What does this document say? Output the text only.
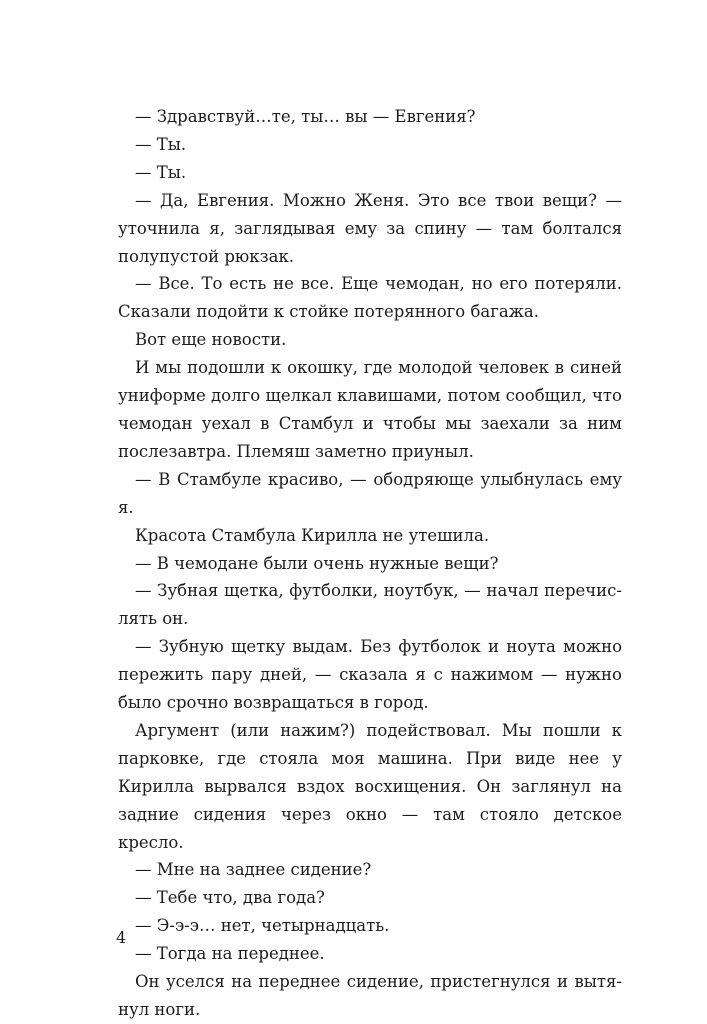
— Здравствуй…те, ты… вы — Евгения?

— Ты.

— Ты.

— Да, Евгения. Можно Женя. Это все твои вещи? — уточнила я, заглядывая ему за спину — там болтался полупустой рюкзак.

— Все. То есть не все. Еще чемодан, но его потеряли. Сказали подойти к стойке потерянного багажа.

Вот еще новости.

И мы подошли к окошку, где молодой человек в синей униформе долго щелкал клавишами, потом сообщил, что чемодан уехал в Стамбул и чтобы мы заехали за ним послезавтра. Племяш заметно приуныл.

— В Стамбуле красиво, — ободряюще улыбнулась ему я.

Красота Стамбула Кирилла не утешила.

— В чемодане были очень нужные вещи?

— Зубная щетка, футболки, ноутбук, — начал перечислять он.

— Зубную щетку выдам. Без футболок и ноута можно пережить пару дней, — сказала я с нажимом — нужно было срочно возвращаться в город.

Аргумент (или нажим?) подействовал. Мы пошли к парковке, где стояла моя машина. При виде нее у Кирилла вырвался вздох восхищения. Он заглянул на задние сидения через окно — там стояло детское кресло.

— Мне на заднее сидение?

— Тебе что, два года?

— Э-э-э… нет, четырнадцать.

— Тогда на переднее.

Он уселся на переднее сидение, пристегнулся и вытянул ноги.

4
